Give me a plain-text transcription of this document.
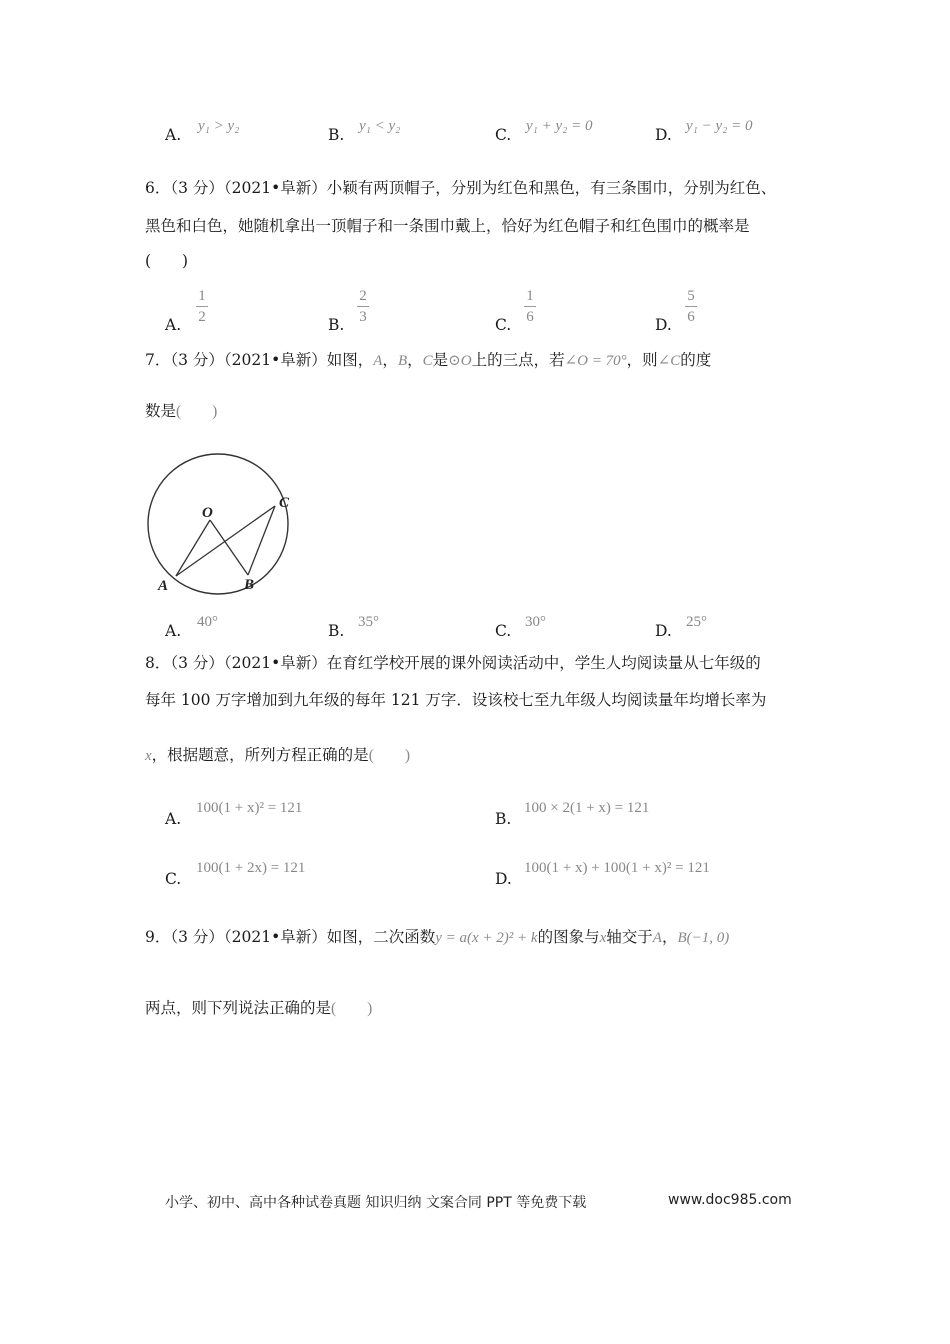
A. y₁ > y₂	B. y₁ < y₂	C. y₁ + y₂ = 0	D. y₁ − y₂ = 0
6．（3 分）（2021•阜新）小颖有两顶帽子，分别为红色和黑色，有三条围巾，分别为红色、
黑色和白色，她随机拿出一顶帽子和一条围巾戴上，恰好为红色帽子和红色围巾的概率是
(　　)
A.
1
2	B.
2
3	C.
1
6	D.
5
6
7．（3 分）（2021•阜新）如图，A，B，C是⊙O上的三点，若∠O = 70°，则∠C的度
数是(　　)
O
A	B
C
A. 40°	B. 35°	C. 30°	D. 25°
8．（3 分）（2021•阜新）在育红学校开展的课外阅读活动中，学生人均阅读量从七年级的
每年 100 万字增加到九年级的每年 121 万字．设该校七至九年级人均阅读量年均增长率为
x，根据题意，所列方程正确的是(　　)
A.
100(1 + x)² = 121
B.
100 × 2(1 + x) = 121
C.
100(1 + 2x) = 121
D.
100(1 + x) + 100(1 + x)² = 121
9．（3 分）（2021•阜新）如图，二次函数y = a(x + 2)² + k的图象与x轴交于A，B(−1, 0)
两点，则下列说法正确的是(　　)
小学、初中、高中各种试卷真题 知识归纳 文案合同 PPT 等免费下载	www.doc985.com
